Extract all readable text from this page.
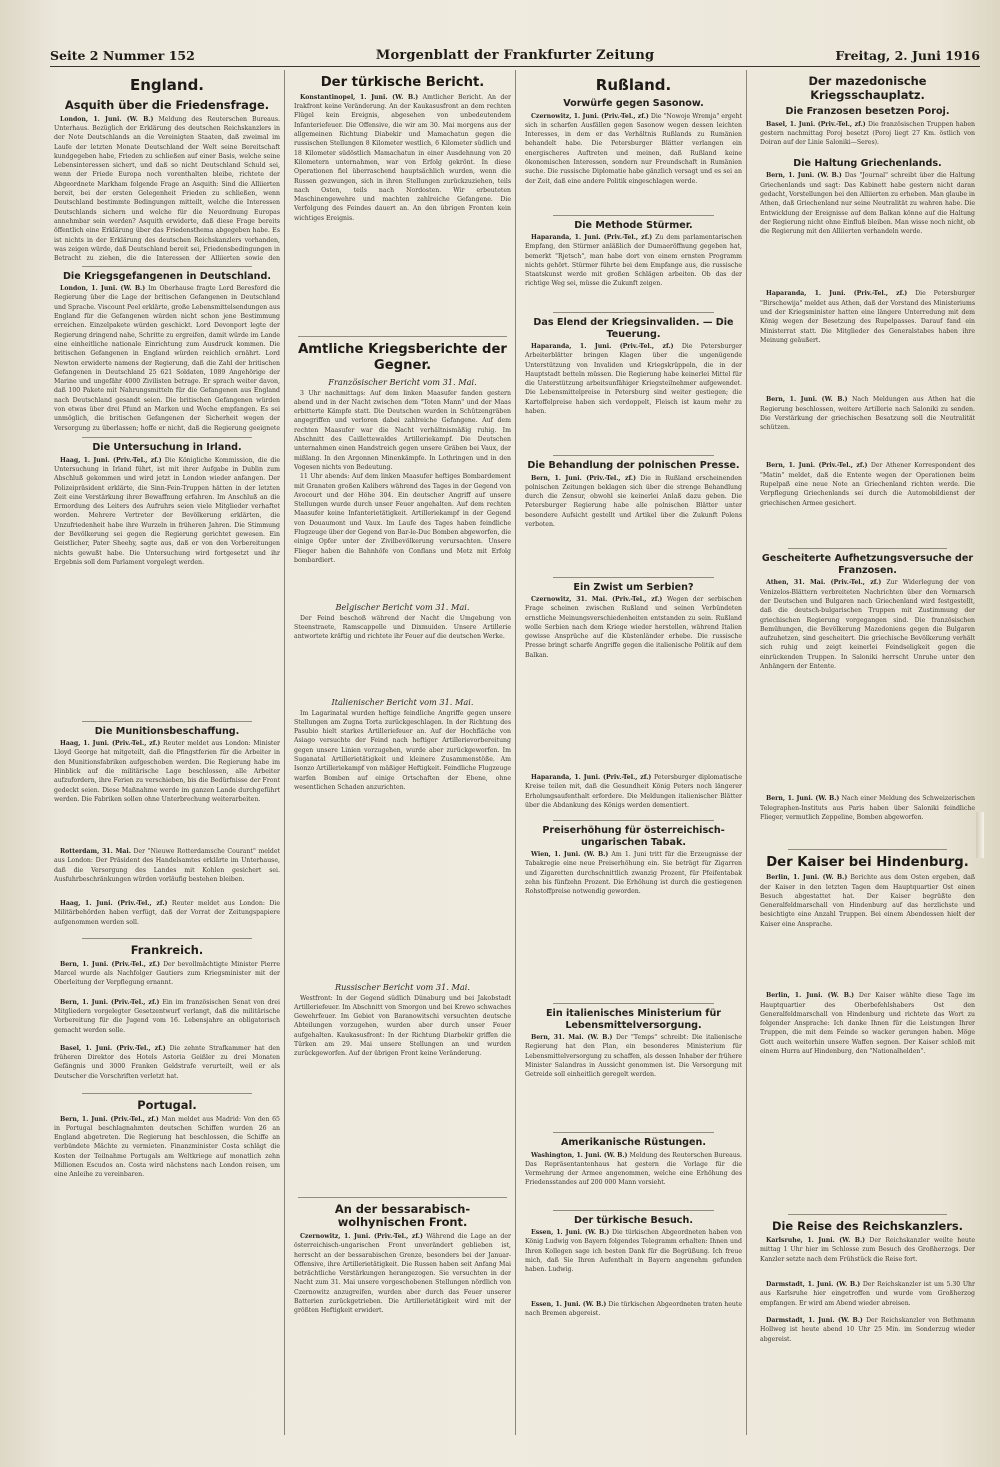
Seite 2 Nummer 152	Morgenblatt der Frankfurter Zeitung	Freitag, 2. Juni 1916
England.
Asquith über die Friedensfrage.

London, 1. Juni. (W. B.) Meldung des Reuterschen Bureaus. Unterhaus. Bezüglich der Erklärung des deutschen Reichskanzlers in der Note Deutschlands an die Vereinigten Staaten, daß zweimal im Laufe der letzten Monate Deutschland der Welt seine Bereitschaft kundgegeben habe, Frieden zu schließen auf einer Basis, welche seine Lebensinteressen sichert, und daß so nicht Deutschland Schuld sei, wenn der Friede Europa noch vorenthalten bleibe, richtete der Abgeordnete Markham folgende Frage an Asquith: Sind die Alliierten bereit, bei der ersten Gelegenheit Frieden zu schließen, wenn Deutschland bestimmte Bedingungen mitteilt, welche die Interessen Deutschlands sichern und welche für die Neuordnung Europas annehmbar sein werden? Asquith erwiderte, daß diese Frage bereits öffentlich eine Erklärung über das Friedensthema abgegeben habe. Es ist nichts in der Erklärung des deutschen Reichskanzlers vorhanden, was zeigen würde, daß Deutschland bereit sei, Friedensbedingungen in Betracht zu ziehen, die die Interessen der Alliierten sowie den

Die Kriegsgefangenen in Deutschland.

London, 1. Juni. (W. B.) Im Oberhause fragte Lord Beresford die Regierung über die Lage der britischen Gefangenen in Deutschland und Sprache. Viscount Peel erklärte, große Lebensmittelsendungen aus England für die Gefangenen würden nicht schon jene Bestimmung erreichen. Einzelpakete würden geschickt. Lord Devonport legte der Regierung dringend nahe, Schritte zu ergreifen, damit würde im Lande eine einheitliche nationale Einrichtung zum Ausdruck kommen. Die britischen Gefangenen in England würden reichlich ernährt. Lord Newton erwiderte namens der Regierung, daß die Zahl der britischen Gefangenen in Deutschland 25 621 Soldaten, 1089 Angehörige der Marine und ungefähr 4000 Zivilisten betrage. Er sprach weiter davon, daß 100 Pakete mit Nahrungsmitteln für die Gefangenen aus England nach Deutschland gesandt seien. Die britischen Gefangenen würden von etwas über drei Pfund an Marken und Woche empfangen. Es sei unmöglich, die britischen Gefangenen der Sicherheit wegen der Versorgung zu überlassen; hoffe er nicht, daß die Regierung geeignete

Die Untersuchung in Irland.

Haag, 1. Juni. (Priv.-Tel., zf.) Die Königliche Kommission, die die Untersuchung in Irland führt, ist mit ihrer Aufgabe in Dublin zum Abschluß gekommen und wird jetzt in London wieder anfangen. Der Polizeipräsident erklärte, die Sinn-Fein-Truppen hätten in der letzten Zeit eine Verstärkung ihrer Bewaffnung erfahren. Im Anschluß an die Ermordung des Leiters des Aufruhrs seien viele Mitglieder verhaftet worden. Mehrere Vertreter der Bevölkerung erklärten, die Unzufriedenheit habe ihre Wurzeln in früheren Jahren. Die Stimmung der Bevölkerung sei gegen die Regierung gerichtet gewesen. Ein Geistlicher, Pater Sheehy, sagte aus, daß er von den Vorbereitungen nichts gewußt habe. Die Untersuchung wird fortgesetzt und ihr Ergebnis soll dem Parlament vorgelegt werden.

Die Munitionsbeschaffung.

Haag, 1. Juni. (Priv.-Tel., zf.) Reuter meldet aus London: Minister Lloyd George hat mitgeteilt, daß die Pfingstferien für die Arbeiter in den Munitionsfabriken aufgeschoben werden. Die Regierung habe im Hinblick auf die militärische Lage beschlossen, alle Arbeiter aufzufordern, ihre Ferien zu verschieben, bis die Bedürfnisse der Front gedeckt seien. Diese Maßnahme werde im ganzen Lande durchgeführt werden. Die Fabriken sollen ohne Unterbrechung weiterarbeiten.

Rotterdam, 31. Mai. Der "Nieuwe Rotterdamsche Courant" meldet aus London: Der Präsident des Handelsamtes erklärte im Unterhause, daß die Versorgung des Landes mit Kohlen gesichert sei. Ausfuhrbeschränkungen würden vorläufig bestehen bleiben.

Haag, 1. Juni. (Priv.-Tel., zf.) Reuter meldet aus London: Die Militärbehörden haben verfügt, daß der Vorrat der Zeitungspapiere aufgenommen werden soll.

Frankreich.

Bern, 1. Juni. (Priv.-Tel., zf.) Der bevollmächtigte Minister Pierre Marcel wurde als Nachfolger Gautiers zum Kriegsminister mit der Oberleitung der Verpflegung ernannt.

Bern, 1. Juni. (Priv.-Tel., zf.) Ein im französischen Senat von drei Mitgliedern vorgelegter Gesetzentwurf verlangt, daß die militärische Vorbereitung für die Jugend vom 16. Lebensjahre an obligatorisch gemacht werden solle.

Basel, 1. Juni. (Priv.-Tel., zf.) Die zehnte Strafkammer hat den früheren Direktor des Hotels Astoria Geißler zu drei Monaten Gefängnis und 3000 Franken Geldstrafe verurteilt, weil er als Deutscher die Vorschriften verletzt hat.

Portugal.

Bern, 1. Juni. (Priv.-Tel., zf.) Man meldet aus Madrid: Von den 65 in Portugal beschlagnahmten deutschen Schiffen wurden 26 an England abgetreten. Die Regierung hat beschlossen, die Schiffe an verbündete Mächte zu vermieten. Finanzminister Costa schlägt die Kosten der Teilnahme Portugals am Weltkriege auf monatlich zehn Millionen Escudos an. Costa wird nächstens nach London reisen, um eine Anleihe zu vereinbaren.

Der türkische Bericht.

Konstantinopel, 1. Juni. (W. B.) Amtlicher Bericht. An der Irakfront keine Veränderung. An der Kaukasusfront an dem rechten Flügel kein Ereignis, abgesehen von unbedeutendem Infanteriefeuer. Die Offensive, die wir am 30. Mai morgens aus der allgemeinen Richtung Diabekir und Mamachatun gegen die russischen Stellungen 8 Kilometer westlich, 6 Kilometer südlich und 18 Kilometer südöstlich Mamachatun in einer Ausdehnung von 20 Kilometern unternahmen, war von Erfolg gekrönt. In diese Operationen fiel überraschend hauptsächlich wurden, wenn die Russen gezwungen, sich in ihren Stellungen zurückzuziehen, teils nach Osten, teils nach Nordosten. Wir erbeuteten Maschinengewehre und machten zahlreiche Gefangene. Die Verfolgung des Feindes dauert an. An den übrigen Fronten kein wichtiges Ereignis.

Amtliche Kriegsberichte der Gegner.
Französischer Bericht vom 31. Mai.

3 Uhr nachmittags: Auf dem linken Maasufer fanden gestern abend und in der Nacht zwischen dem "Toten Mann" und der Maas erbitterte Kämpfe statt. Die Deutschen wurden in Schützengräben angegriffen und verloren dabei zahlreiche Gefangene. Auf dem rechten Maasufer war die Nacht verhältnismäßig ruhig. Im Abschnitt des Caillettewaldes Artilleriekampf. Die Deutschen unternahmen einen Handstreich gegen unsere Gräben bei Vaux, der mißlang. In den Argonnen Minenkämpfe. In Lothringen und in den Vogesen nichts von Bedeutung.

11 Uhr abends: Auf dem linken Maasufer heftiges Bombardement mit Granaten großen Kalibers während des Tages in der Gegend von Avocourt und der Höhe 304. Ein deutscher Angriff auf unsere Stellungen wurde durch unser Feuer angehalten. Auf dem rechten Maasufer keine Infanterietätigkeit. Artilleriekampf in der Gegend von Douaumont und Vaux. Im Laufe des Tages haben feindliche Flugzeuge über der Gegend von Bar-le-Duc Bomben abgeworfen, die einige Opfer unter der Zivilbevölkerung verursachten. Unsere Flieger haben die Bahnhöfe von Conflans und Metz mit Erfolg bombardiert.

Belgischer Bericht vom 31. Mai.

Der Feind beschoß während der Nacht die Umgebung von Steenstraete, Ramscappelle und Dixmuiden. Unsere Artillerie antwortete kräftig und richtete ihr Feuer auf die deutschen Werke.

Italienischer Bericht vom 31. Mai.

Im Lagarinatal wurden heftige feindliche Angriffe gegen unsere Stellungen am Zugna Torta zurückgeschlagen. In der Richtung des Pasubio hielt starkes Artilleriefeuer an. Auf der Hochfläche von Asiago versuchte der Feind nach heftiger Artillerievorbereitung gegen unsere Linien vorzugehen, wurde aber zurückgeworfen. Im Suganatal Artillerietätigkeit und kleinere Zusammenstöße. Am Isonzo Artilleriekampf von mäßiger Heftigkeit. Feindliche Flugzeuge warfen Bomben auf einige Ortschaften der Ebene, ohne wesentlichen Schaden anzurichten.

Russischer Bericht vom 31. Mai.

Westfront: In der Gegend südlich Dünaburg und bei Jakobstadt Artilleriefeuer. Im Abschnitt von Smorgon und bei Krewo schwaches Gewehrfeuer. Im Gebiet von Baranowitschi versuchten deutsche Abteilungen vorzugehen, wurden aber durch unser Feuer aufgehalten. Kaukasusfront: In der Richtung Diarbekir griffen die Türken am 29. Mai unsere Stellungen an und wurden zurückgeworfen. Auf der übrigen Front keine Veränderung.

An der bessarabisch-wolhynischen Front.

Czernowitz, 1. Juni. (Priv.-Tel., zf.) Während die Lage an der österreichisch-ungarischen Front unverändert geblieben ist, herrscht an der bessarabischen Grenze, besonders bei der Januar-Offensive, ihre Artillerietätigkeit. Die Russen haben seit Anfang Mai beträchtliche Verstärkungen herangezogen. Sie versuchten in der Nacht zum 31. Mai unsere vorgeschobenen Stellungen nördlich von Czernowitz anzugreifen, wurden aber durch das Feuer unserer Batterien zurückgetrieben. Die Artillerietätigkeit wird mit der größten Heftigkeit erwidert.

Rußland.
Vorwürfe gegen Sasonow.

Czernowitz, 1. Juni. (Priv.-Tel., zf.) Die "Nowoje Wremja" ergeht sich in scharfen Ausfällen gegen Sasonow wegen dessen leichten Interesses, in dem er das Verhältnis Rußlands zu Rumänien behandelt habe. Die Petersburger Blätter verlangen ein energischeres Auftreten und meinen, daß Rußland keine ökonomischen Interessen, sondern nur Freundschaft in Rumänien suche. Die russische Diplomatie habe gänzlich versagt und es sei an der Zeit, daß eine andere Politik eingeschlagen werde.

Die Methode Stürmer.

Haparanda, 1. Juni. (Priv.-Tel., zf.) Zu dem parlamentarischen Empfang, den Stürmer anläßlich der Dumaeröffnung gegeben hat, bemerkt "Rjetsch", man habe dort von einem ernsten Programm nichts gehört. Stürmer führte bei dem Empfange aus, die russische Staatskunst werde mit großen Schlägen arbeiten. Ob das der richtige Weg sei, müsse die Zukunft zeigen.

Das Elend der Kriegsinvaliden. — Die Teuerung.

Haparanda, 1. Juni. (Priv.-Tel., zf.) Die Petersburger Arbeiterblätter bringen Klagen über die ungenügende Unterstützung von Invaliden und Kriegskrüppeln, die in der Hauptstadt betteln müssen. Die Regierung habe keinerlei Mittel für die Unterstützung arbeitsunfähiger Kriegsteilnehmer aufgewendet. Die Lebensmittelpreise in Petersburg sind weiter gestiegen; die Kartoffelpreise haben sich verdoppelt, Fleisch ist kaum mehr zu haben.

Die Behandlung der polnischen Presse.

Bern, 1. Juni. (Priv.-Tel., zf.) Die in Rußland erscheinenden polnischen Zeitungen beklagen sich über die strenge Behandlung durch die Zensur, obwohl sie keinerlei Anlaß dazu geben. Die Petersburger Regierung habe alle polnischen Blätter unter besondere Aufsicht gestellt und Artikel über die Zukunft Polens verboten.

Ein Zwist um Serbien?

Czernowitz, 31. Mai. (Priv.-Tel., zf.) Wegen der serbischen Frage scheinen zwischen Rußland und seinen Verbündeten ernstliche Meinungsverschiedenheiten entstanden zu sein. Rußland wolle Serbien nach dem Kriege wieder herstellen, während Italien gewisse Ansprüche auf die Küstenländer erhebe. Die russische Presse bringt scharfe Angriffe gegen die italienische Politik auf dem Balkan.

Haparanda, 1. Juni. (Priv.-Tel., zf.) Petersburger diplomatische Kreise teilen mit, daß die Gesundheit König Peters noch längerer Erholungsaufenthalt erfordere. Die Meldungen italienischer Blätter über die Abdankung des Königs werden dementiert.

Preiserhöhung für österreichisch-ungarischen Tabak.

Wien, 1. Juni. (W. B.) Am 1. Juni tritt für die Erzeugnisse der Tabakregie eine neue Preiserhöhung ein. Sie beträgt für Zigarren und Zigaretten durchschnittlich zwanzig Prozent, für Pfeifentabak zehn bis fünfzehn Prozent. Die Erhöhung ist durch die gestiegenen Rohstoffpreise notwendig geworden.

Ein italienisches Ministerium für Lebensmittelversorgung.

Bern, 31. Mai. (W. B.) Der "Temps" schreibt: Die italienische Regierung hat den Plan, ein besonderes Ministerium für Lebensmittelversorgung zu schaffen, als dessen Inhaber der frühere Minister Salandras in Aussicht genommen ist. Die Versorgung mit Getreide soll einheitlich geregelt werden.

Amerikanische Rüstungen.

Washington, 1. Juni. (W. B.) Meldung des Reuterschen Bureaus. Das Repräsentantenhaus hat gestern die Vorlage für die Vermehrung der Armee angenommen, welche eine Erhöhung des Friedensstandes auf 200 000 Mann vorsieht.

Der türkische Besuch.

Essen, 1. Juni. (W. B.) Die türkischen Abgeordneten haben von König Ludwig von Bayern folgendes Telegramm erhalten: Ihnen und Ihren Kollegen sage ich besten Dank für die Begrüßung. Ich freue mich, daß Sie Ihren Aufenthalt in Bayern angenehm gefunden haben. Ludwig.

Essen, 1. Juni. (W. B.) Die türkischen Abgeordneten traten heute nach Bremen abgereist.

Der mazedonische Kriegsschauplatz.
Die Franzosen besetzen Poroj.

Basel, 1. Juni. (Priv.-Tel., zf.) Die französischen Truppen haben gestern nachmittag Poroj besetzt (Poroj liegt 27 Km. östlich von Doiran auf der Linie Saloniki—Seres).

Die Haltung Griechenlands.

Bern, 1. Juni. (W. B.) Das "Journal" schreibt über die Haltung Griechenlands und sagt: Das Kabinett habe gestern nicht daran gedacht, Vorstellungen bei den Alliierten zu erheben. Man glaube in Athen, daß Griechenland nur seine Neutralität zu wahren habe. Die Entwicklung der Ereignisse auf dem Balkan könne auf die Haltung der Regierung nicht ohne Einfluß bleiben. Man wisse noch nicht, ob die Regierung mit den Alliierten verhandeln werde.

Haparanda, 1. Juni. (Priv.-Tel., zf.) Die Petersburger "Birschewija" meldet aus Athen, daß der Vorstand des Ministeriums und der Kriegsminister hatten eine längere Unterredung mit dem König wegen der Besetzung des Rupelpasses. Darauf fand ein Ministerrat statt. Die Mitglieder des Generalstabes haben ihre Meinung geäußert.

Bern, 1. Juni. (W. B.) Nach Meldungen aus Athen hat die Regierung beschlossen, weitere Artillerie nach Saloniki zu senden. Die Verstärkung der griechischen Besatzung soll die Neutralität schützen.

Bern, 1. Juni. (Priv.-Tel., zf.) Der Athener Korrespondent des "Matin" meldet, daß die Entente wegen der Operationen beim Rupelpaß eine neue Note an Griechenland richten werde. Die Verpflegung Griechenlands sei durch die Automobildienst der griechischen Armee gesichert.

Gescheiterte Aufhetzungsversuche der Franzosen.

Athen, 31. Mai. (Priv.-Tel., zf.) Zur Widerlegung der von Venizelos-Blättern verbreiteten Nachrichten über den Vormarsch der Deutschen und Bulgaren nach Griechenland wird festgestellt, daß die deutsch-bulgarischen Truppen mit Zustimmung der griechischen Regierung vorgegangen sind. Die französischen Bemühungen, die Bevölkerung Mazedoniens gegen die Bulgaren aufzuhetzen, sind gescheitert. Die griechische Bevölkerung verhält sich ruhig und zeigt keinerlei Feindseligkeit gegen die einrückenden Truppen. In Saloniki herrscht Unruhe unter den Anhängern der Entente.

Bern, 1. Juni. (W. B.) Nach einer Meldung des Schweizerischen Telegraphen-Instituts aus Paris haben über Saloniki feindliche Flieger, vermutlich Zeppeline, Bomben abgeworfen.

Der Kaiser bei Hindenburg.

Berlin, 1. Juni. (W. B.) Berichte aus dem Osten ergeben, daß der Kaiser in den letzten Tagen dem Hauptquartier Ost einen Besuch abgestattet hat. Der Kaiser begrüßte den Generalfeldmarschall von Hindenburg auf das herzlichste und besichtigte eine Anzahl Truppen. Bei einem Abendessen hielt der Kaiser eine Ansprache.

Berlin, 1. Juni. (W. B.) Der Kaiser wählte diese Tage im Hauptquartier des Oberbefehlshabers Ost den Generalfeldmarschall von Hindenburg und richtete das Wort zu folgender Ansprache: Ich danke Ihnen für die Leistungen Ihrer Truppen, die mit dem Feinde so wacker gerungen haben. Möge Gott auch weiterhin unsere Waffen segnen. Der Kaiser schloß mit einem Hurra auf Hindenburg, den "Nationalhelden".

Die Reise des Reichskanzlers.

Karlsruhe, 1. Juni. (W. B.) Der Reichskanzler weilte heute mittag 1 Uhr hier im Schlosse zum Besuch des Großherzogs. Der Kanzler setzte nach dem Frühstück die Reise fort.

Darmstadt, 1. Juni. (W. B.) Der Reichskanzler ist um 5.30 Uhr aus Karlsruhe hier eingetroffen und wurde vom Großherzog empfangen. Er wird am Abend wieder abreisen.

Darmstadt, 1. Juni. (W. B.) Der Reichskanzler von Bethmann Hollweg ist heute abend 10 Uhr 25 Min. im Sonderzug wieder abgereist.
